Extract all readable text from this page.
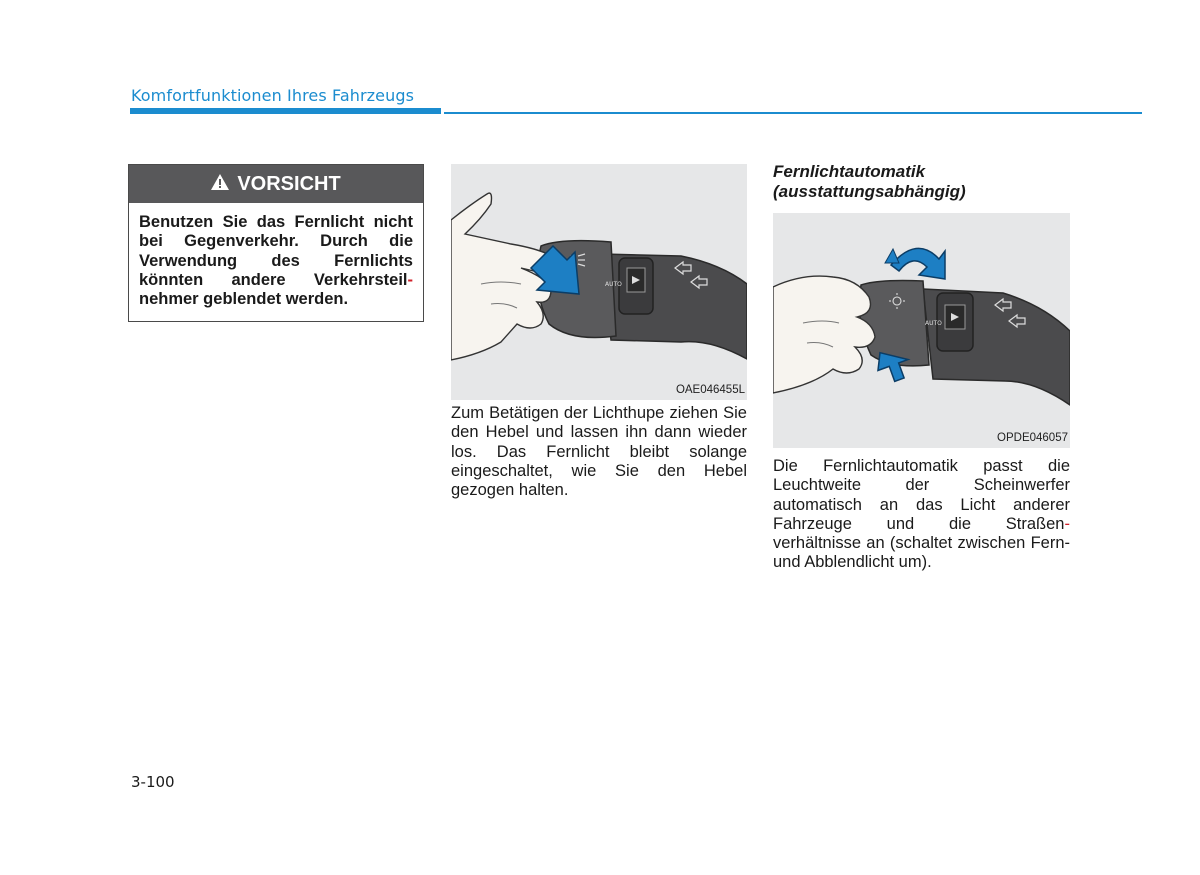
Komfortfunktionen Ihres Fahrzeugs
VORSICHT
Benutzen Sie das Fernlicht nicht bei Gegenverkehr. Durch die Verwendung des Fernlichts könnten andere Verkehrsteil- nehmer geblendet werden.
AUTO
OAE046455L
Zum Betätigen der Lichthupe ziehen Sie den Hebel und lassen ihn dann wieder los. Das Fernlicht bleibt solange eingeschaltet, wie Sie den Hebel gezogen halten.
Fernlichtautomatik
(ausstattungsabhängig)
AUTO
OPDE046057
Die Fernlichtautomatik passt die Leuchtweite der Scheinwerfer automatisch an das Licht anderer Fahrzeuge und die Straßen- verhältnisse an (schaltet zwischen Fern- und Abblendlicht um).
3-100
